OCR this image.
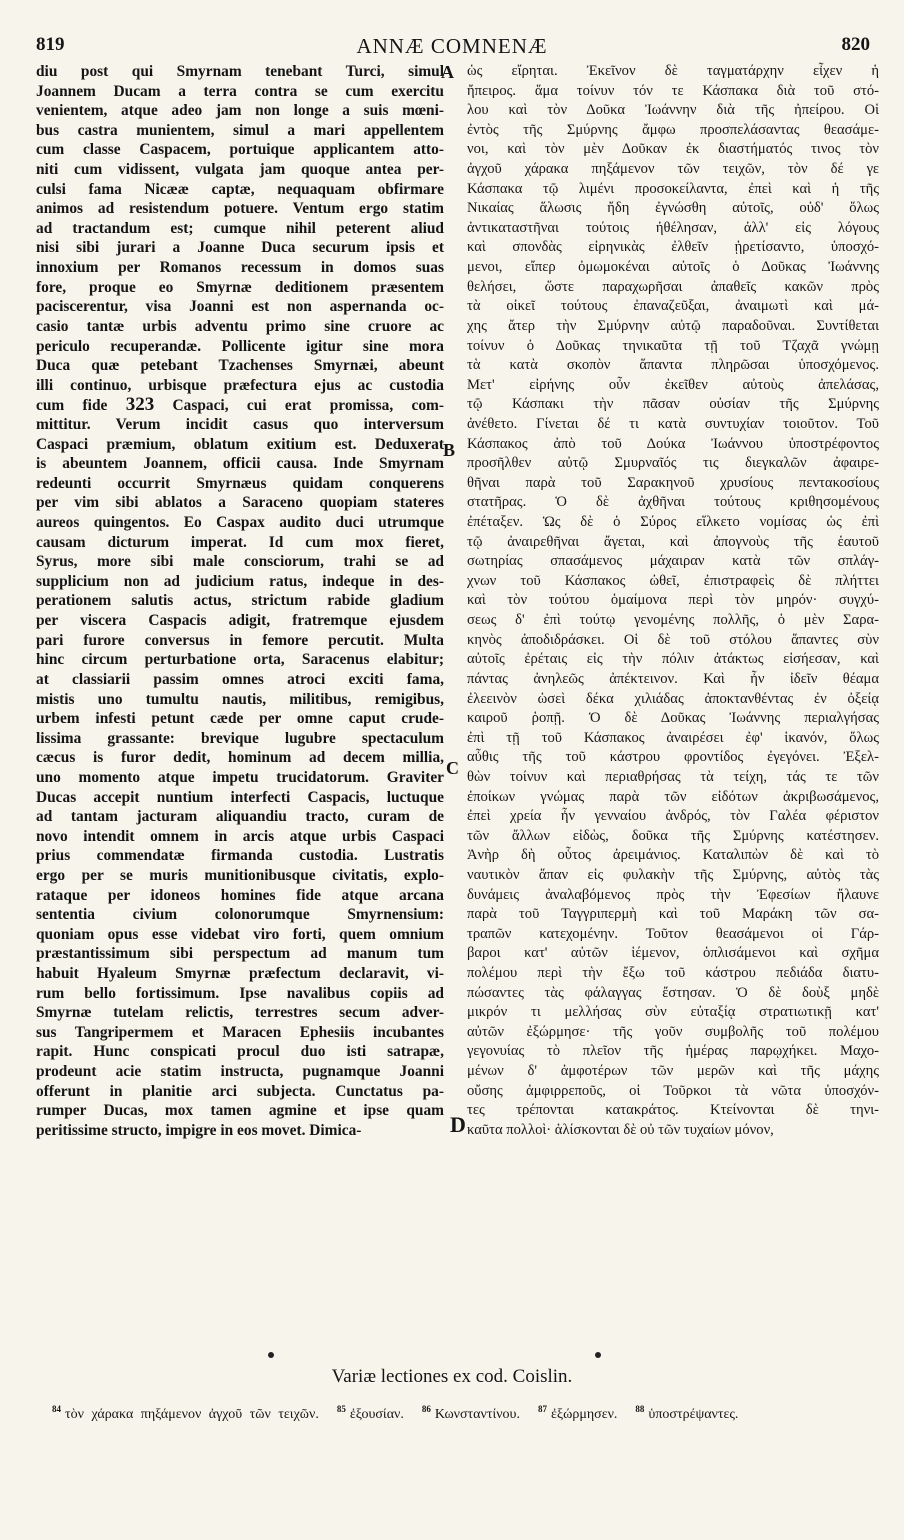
819	ANNÆ COMNENÆ	820
diu post qui Smyrnam tenebant Turci, simul
Joannem Ducam a terra contra se cum exercitu
venientem, atque adeo jam non longe a suis mœni-
bus castra munientem, simul a mari appellentem
cum classe Caspacem, portuique applicantem atto-
niti cum vidissent, vulgata jam quoque antea per-
culsi fama Nicææ captæ, nequaquam obfirmare
animos ad resistendum potuere. Ventum ergo statim
ad tractandum est; cumque nihil peterent aliud
nisi sibi jurari a Joanne Duca securum ipsis et
innoxium per Romanos recessum in domos suas
fore, proque eo Smyrnæ deditionem præsentem
paciscerentur, visa Joanni est non aspernanda oc-
casio tantæ urbis adventu primo sine cruore ac
periculo recuperandæ. Pollicente igitur sine mora
Duca quæ petebant Tzachenses Smyrnæi, abeunt
illi continuo, urbisque præfectura ejus ac custodia
cum fide 323 Caspaci, cui erat promissa, com-
mittitur. Verum incidit casus quo interversum
Caspaci præmium, oblatum exitium est. Deduxerat
is abeuntem Joannem, officii causa. Inde Smyrnam
redeunti occurrit Smyrnæus quidam conquerens
per vim sibi ablatos a Saraceno quopiam stateres
aureos quingentos. Eo Caspax audito duci utrumque
causam dicturum imperat. Id cum mox fieret,
Syrus, more sibi male consciorum, trahi se ad
supplicium non ad judicium ratus, indeque in des-
perationem salutis actus, strictum rabide gladium
per viscera Caspacis adigit, fratremque ejusdem
pari furore conversus in femore percutit. Multa
hinc circum perturbatione orta, Saracenus elabitur;
at classiarii passim omnes atroci exciti fama,
mistis uno tumultu nautis, militibus, remigibus,
urbem infesti petunt cæde per omne caput crude-
lissima grassante: brevique lugubre spectaculum
cæcus is furor dedit, hominum ad decem millia,
uno momento atque impetu trucidatorum. Graviter
Ducas accepit nuntium interfecti Caspacis, luctuque
ad tantam jacturam aliquandiu tracto, curam de
novo intendit omnem in arcis atque urbis Caspaci
prius commendatæ firmanda custodia. Lustratis
ergo per se muris munitionibusque civitatis, explo-
rataque per idoneos homines fide atque arcana
sententia civium colonorumque Smyrnensium:
quoniam opus esse videbat viro forti, quem omnium
præstantissimum sibi perspectum ad manum tum
habuit Hyaleum Smyrnæ præfectum declaravit, vi-
rum bello fortissimum. Ipse navalibus copiis ad
Smyrnæ tutelam relictis, terrestres secum adver-
sus Tangripermem et Maracen Ephesiis incubantes
rapit. Hunc conspicati procul duo isti satrapæ,
prodeunt acie statim instructa, pugnamque Joanni
offerunt in planitie arci subjecta. Cunctatus pa-
rumper Ducas, mox tamen agmine et ipse quam
peritissime structo, impigre in eos movet. Dimica-
ὡς εἴρηται. Ἐκεῖνον δὲ ταγματάρχην εἶχεν ἡ
ἤπειρος. ἅμα τοίνυν τόν τε Κάσπακα διὰ τοῦ στό-
λου καὶ τὸν Δοῦκα Ἰωάννην διὰ τῆς ἠπείρου. Οἱ
ἐντὸς τῆς Σμύρνης ἄμφω προσπελάσαντας θεασάμε-
νοι, καὶ τὸν μὲν Δοῦκαν ἐκ διαστήματός τινος τὸν
ἀγχοῦ χάρακα πηξάμενον τῶν τειχῶν, τὸν δέ γε
Κάσπακα τῷ λιμένι προσοκείλαντα, ἐπεὶ καὶ ἡ τῆς
Νικαίας ἅλωσις ἤδη ἐγνώσθη αὐτοῖς, οὐδ' ὅλως
ἀντικαταστῆναι τούτοις ἠθέλησαν, ἀλλ' εἰς λόγους
καὶ σπονδὰς εἰρηνικὰς ἐλθεῖν ᾑρετίσαντο, ὑποσχό-
μενοι, εἴπερ ὀμωμοκέναι αὐτοῖς ὁ Δοῦκας Ἰωάννης
θελήσει, ὥστε παραχωρῆσαι ἀπαθεῖς κακῶν πρὸς
τὰ οἰκεῖ τούτους ἐπαναζεῦξαι, ἀναιμωτὶ καὶ μά-
χης ἄτερ τὴν Σμύρνην αὐτῷ παραδοῦναι. Συντίθεται
τοίνυν ὁ Δοῦκας τηνικαῦτα τῇ τοῦ Τζαχᾶ γνώμῃ
τὰ κατὰ σκοπὸν ἅπαντα πληρῶσαι ὑποσχόμενος.
Μετ' εἰρήνης οὖν ἐκεῖθεν αὐτοὺς ἀπελάσας,
τῷ Κάσπακι τὴν πᾶσαν οὐσίαν τῆς Σμύρνης
ἀνέθετο. Γίνεται δέ τι κατὰ συντυχίαν τοιοῦτον. Τοῦ
Κάσπακος ἀπὸ τοῦ Δούκα Ἰωάννου ὑποστρέφοντος
προσῆλθεν αὐτῷ Σμυρναῖός τις διεγκαλῶν ἀφαιρε-
θῆναι παρὰ τοῦ Σαρακηνοῦ χρυσίους πεντακοσίους
στατῆρας. Ὁ δὲ ἀχθῆναι τούτους κριθησομένους
ἐπέταξεν. Ὡς δὲ ὁ Σύρος εἵλκετο νομίσας ὡς ἐπὶ
τῷ ἀναιρεθῆναι ἄγεται, καὶ ἀπογνοὺς τῆς ἑαυτοῦ
σωτηρίας σπασάμενος μάχαιραν κατὰ τῶν σπλάγ-
χνων τοῦ Κάσπακος ὠθεῖ, ἐπιστραφεὶς δὲ πλήττει
καὶ τὸν τούτου ὁμαίμονα περὶ τὸν μηρόν· συγχύ-
σεως δ' ἐπὶ τούτῳ γενομένης πολλῆς, ὁ μὲν Σαρα-
κηνὸς ἀποδιδράσκει. Οἱ δὲ τοῦ στόλου ἅπαντες σὺν
αὐτοῖς ἐρέταις εἰς τὴν πόλιν ἀτάκτως εἰσήεσαν, καὶ
πάντας ἀνηλεῶς ἀπέκτεινον. Καὶ ἦν ἰδεῖν θέαμα
ἐλεεινὸν ὡσεὶ δέκα χιλιάδας ἀποκτανθέντας ἐν ὀξείᾳ
καιροῦ ῥοπῇ. Ὁ δὲ Δοῦκας Ἰωάννης περιαλγήσας
ἐπὶ τῇ τοῦ Κάσπακος ἀναιρέσει ἐφ' ἱκανόν, ὅλως
αὖθις τῆς τοῦ κάστρου φροντίδος ἐγεγόνει. Ἐξελ-
θὼν τοίνυν καὶ περιαθρήσας τὰ τείχη, τάς τε τῶν
ἐποίκων γνώμας παρὰ τῶν εἰδότων ἀκριβωσάμενος,
ἐπεὶ χρεία ἦν γενναίου ἀνδρός, τὸν Γαλέα φέριστον
τῶν ἄλλων εἰδὼς, δοῦκα τῆς Σμύρνης κατέστησεν.
Ἀνὴρ δὴ οὗτος ἀρειμάνιος. Καταλιπὼν δὲ καὶ τὸ
ναυτικὸν ἅπαν εἰς φυλακὴν τῆς Σμύρνης, αὐτὸς τὰς
δυνάμεις ἀναλαβόμενος πρὸς τὴν Ἐφεσίων ἤλαυνε
παρὰ τοῦ Ταγγριπερμὴ καὶ τοῦ Μαράκη τῶν σα-
τραπῶν κατεχομένην. Τοῦτον θεασάμενοι οἱ Γάρ-
βαροι κατ' αὐτῶν ἱέμενον, ὁπλισάμενοι καὶ σχῆμα
πολέμου περὶ τὴν ἔξω τοῦ κάστρου πεδιάδα διατυ-
πώσαντες τὰς φάλαγγας ἔστησαν. Ὁ δὲ δοὺξ μηδὲ
μικρόν τι μελλήσας σὺν εὐταξίᾳ στρατιωτικῇ κατ'
αὐτῶν ἐξώρμησε· τῆς γοῦν συμβολῆς τοῦ πολέμου
γεγονυίας τὸ πλεῖον τῆς ἡμέρας παρῳχήκει. Μαχο-
μένων δ' ἀμφοτέρων τῶν μερῶν καὶ τῆς μάχης
οὔσης ἀμφιρρεποῦς, οἱ Τοῦρκοι τὰ νῶτα ὑποσχόν-
τες τρέπονται κατακράτος. Κτείνονται δὲ τηνι-
καῦτα πολλοὶ· ἁλίσκονται δὲ οὐ τῶν τυχαίων μόνον,
A
B
C
D
Variæ lectiones ex cod. Coislin.
$^{84}$ τὸν χάρακα πηξάμενον ἀγχοῦ τῶν τειχῶν. $^{85}$ ἐξουσίαν. $^{86}$ Κωνσταντίνου. $^{87}$ ἐξώρμησεν. $^{88}$ ὑποστρέψαντες.
